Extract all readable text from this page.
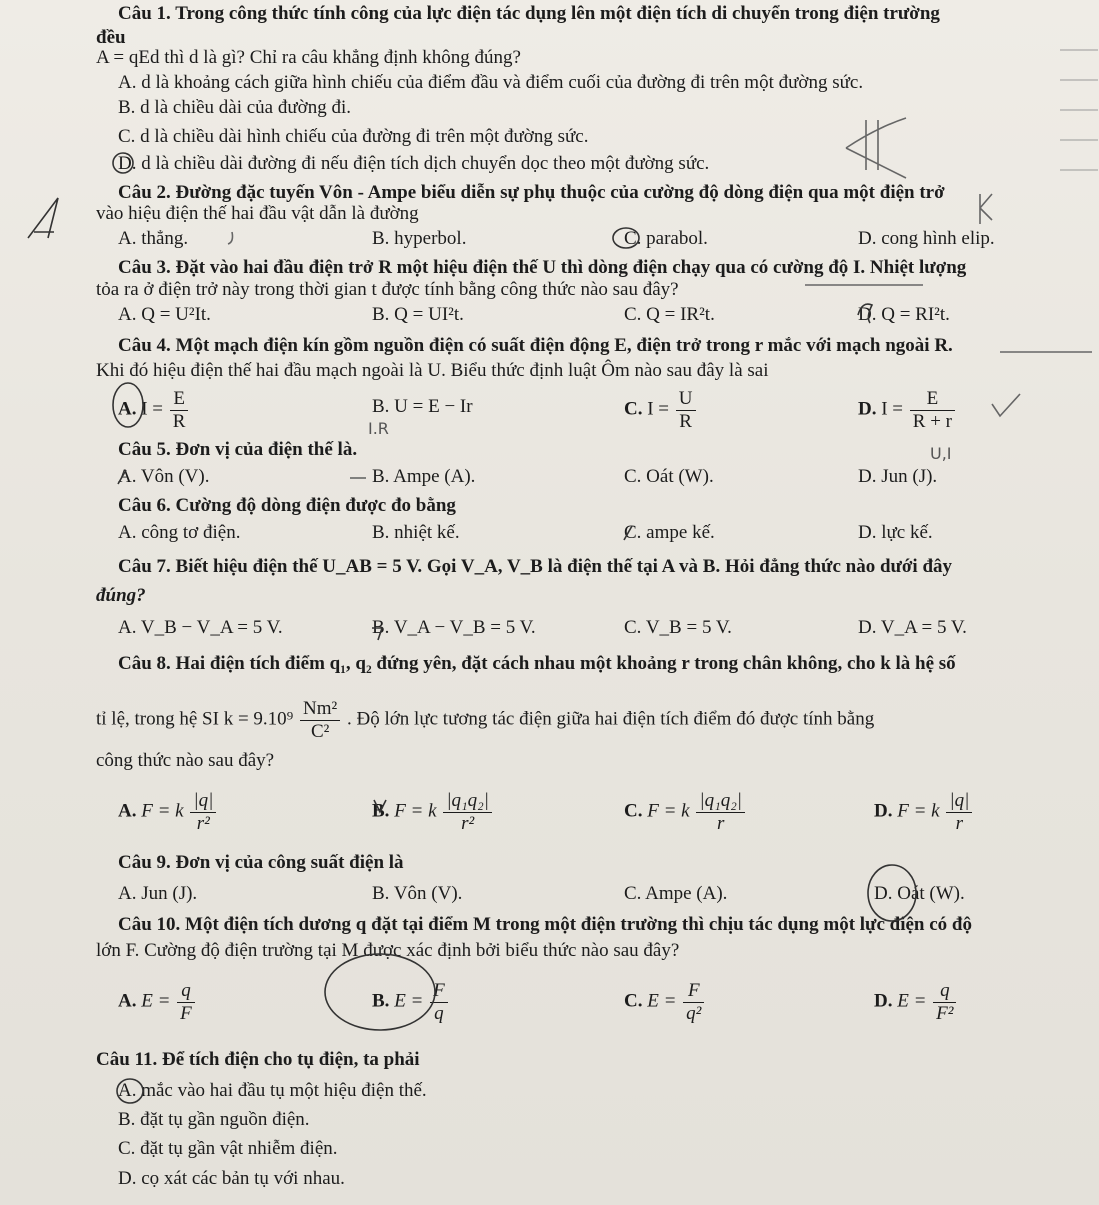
Câu 1. Trong công thức tính công của lực điện tác dụng lên một điện tích di chuyển trong điện trường
đều
A = qEd thì d là gì? Chỉ ra câu khẳng định không đúng?
A. d là khoảng cách giữa hình chiếu của điểm đầu và điểm cuối của đường đi trên một đường sức.
B. d là chiều dài của đường đi.
C. d là chiều dài hình chiếu của đường đi trên một đường sức.
D. d là chiều dài đường đi nếu điện tích dịch chuyển dọc theo một đường sức.
Câu 2. Đường đặc tuyến Vôn - Ampe biểu diễn sự phụ thuộc của cường độ dòng điện qua một điện trở
vào hiệu điện thế hai đầu vật dẫn là đường
A. thẳng.	B. hyperbol.	C. parabol.	D. cong hình elip.
Câu 3. Đặt vào hai đầu điện trở R một hiệu điện thế U thì dòng điện chạy qua có cường độ I. Nhiệt lượng
tỏa ra ở điện trở này trong thời gian t được tính bằng công thức nào sau đây?
A. Q = U²It.	B. Q = UI²t.	C. Q = IR²t.	D. Q = RI²t.
Câu 4. Một mạch điện kín gồm nguồn điện có suất điện động E, điện trở trong r mắc với mạch ngoài R.
Khi đó hiệu điện thế hai đầu mạch ngoài là U. Biểu thức định luật Ôm nào sau đây là sai
A. $I = \frac{E}{R}$	B. U = E − Ir	C. $I = \frac{U}{R}$	D. $I = \frac{E}{R + r}$
Câu 5. Đơn vị của điện thế là.
A. Vôn (V).	B. Ampe (A).	C. Oát (W).	D. Jun (J).
Câu 6. Cường độ dòng điện được đo bằng
A. công tơ điện.	B. nhiệt kế.	C. ampe kế.	D. lực kế.
Câu 7. Biết hiệu điện thế U_AB = 5 V. Gọi V_A, V_B là điện thế tại A và B. Hỏi đẳng thức nào dưới đây
đúng?
A. V_B − V_A = 5 V.	B. V_A − V_B = 5 V.	C. V_B = 5 V.	D. V_A = 5 V.
Câu 8. Hai điện tích điểm q₁, q₂ đứng yên, đặt cách nhau một khoảng r trong chân không, cho k là hệ số
tỉ lệ, trong hệ SI $k = 9.10^9 \frac{\text{Nm²}}{\text{C²}}$ . Độ lớn lực tương tác điện giữa hai điện tích điểm đó được tính bằng
công thức nào sau đây?
A. F = k $\frac{|q|}{\text{r²}}$	B. F = k $\frac{\text{|q₁q₂|}}{\text{r²}}$	C. F = k $\frac{\text{|q₁q₂|}}{r}$	D. F = k $\frac{|q|}{r}$
Câu 9. Đơn vị của công suất điện là
A. Jun (J).	B. Vôn (V).	C. Ampe (A).	D. Oát (W).
Câu 10. Một điện tích dương q đặt tại điểm M trong một điện trường thì chịu tác dụng một lực điện có độ
lớn F. Cường độ điện trường tại M được xác định bởi biểu thức nào sau đây?
A. $E = \frac{q}{F}$	B. $E = \frac{F}{q}$	C. $E = \frac{F}{\text{q²}}$	D. $E = \frac{q}{\text{F²}}$
Câu 11. Để tích điện cho tụ điện, ta phải
A. mắc vào hai đầu tụ một hiệu điện thế.
B. đặt tụ gần nguồn điện.
C. đặt tụ gần vật nhiễm điện.
D. cọ xát các bản tụ với nhau.
I.R
U,I
